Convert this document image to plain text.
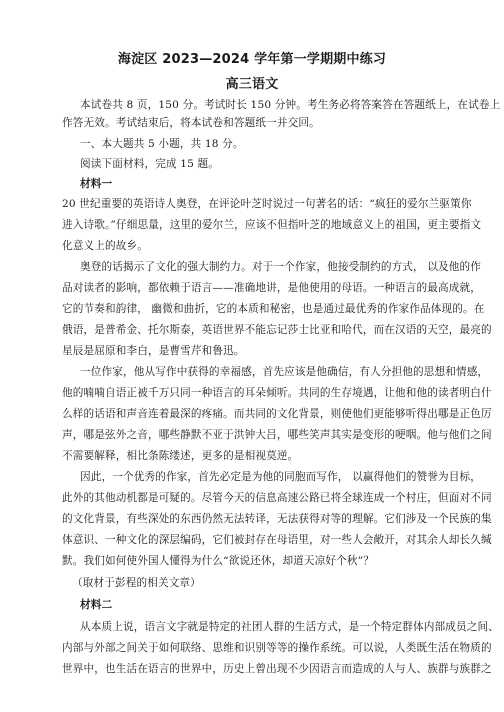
海淀区 2023—2024 学年第一学期期中练习
高三语文
本试卷共 8 页，150 分。考试时长 150 分钟。考生务必将答案答在答题纸上，在试卷上
作答无效。考试结束后，将本试卷和答题纸一并交回。
一、本大题共 5 小题，共 18 分。
阅读下面材料，完成 15 题。
材料一
20 世纪重要的英语诗人奥登，在评论叶芝时说过一句著名的话：“疯狂的爱尔兰驱策你
进入诗歌。”仔细思量，这里的爱尔兰，应该不但指叶芝的地域意义上的祖国，更主要指文
化意义上的故乡。
奥登的话揭示了文化的强大制约力。对于一个作家，他接受制约的方式， 以及他的作
品对读者的影响，都依赖于语言——准确地讲，是他使用的母语。一种语言的最高成就，
它的节奏和韵律， 幽微和曲折，它的本质和秘密，也是通过最优秀的作家作品体现的。在
俄语，是普希金、托尔斯泰，英语世界不能忘记莎士比亚和哈代，而在汉语的天空，最亮的
星辰是屈原和李白，是曹雪芹和鲁迅。
一位作家，他从写作中获得的幸福感，首先应该是他确信，有人分担他的思想和情感，
他的喃喃自语正被千万只同一种语言的耳朵倾听。共同的生存境遇，让他和他的读者明白什
么样的话语和声音连着最深的疼痛。而共同的文化背景，则使他们更能够听得出哪是正色厉
声，哪是弦外之音，哪些静默不亚于洪钟大吕，哪些笑声其实是变形的哽咽。他与他们之间
不需要解释，相比条陈缕述，更多的是相视莫逆。
因此，一个优秀的作家，首先必定是为他的同胞而写作， 以赢得他们的赞誉为目标，
此外的其他动机都是可疑的。尽管今天的信息高速公路已将全球连成一个村庄，但面对不同
的文化背景，有些深处的东西仍然无法转译，无法获得对等的理解。它们涉及一个民族的集
体意识、一种文化的深层编码，它们被封存在母语里，对一些人会敞开，对其余人却长久缄
默。我们如何使外国人懂得为什么“欲说还休，却道天凉好个秋”？
（取材于彭程的相关文章）
材料二
从本质上说，语言文字就是特定的社团人群的生活方式，是一个特定群体内部成员之间、
内部与外部之间关于如何联络、思维和识别等等的操作系统。可以说，人类既生活在物质的
世界中，也生活在语言的世界中，历史上曾出现不少因语言而造成的人与人、族群与族群之
